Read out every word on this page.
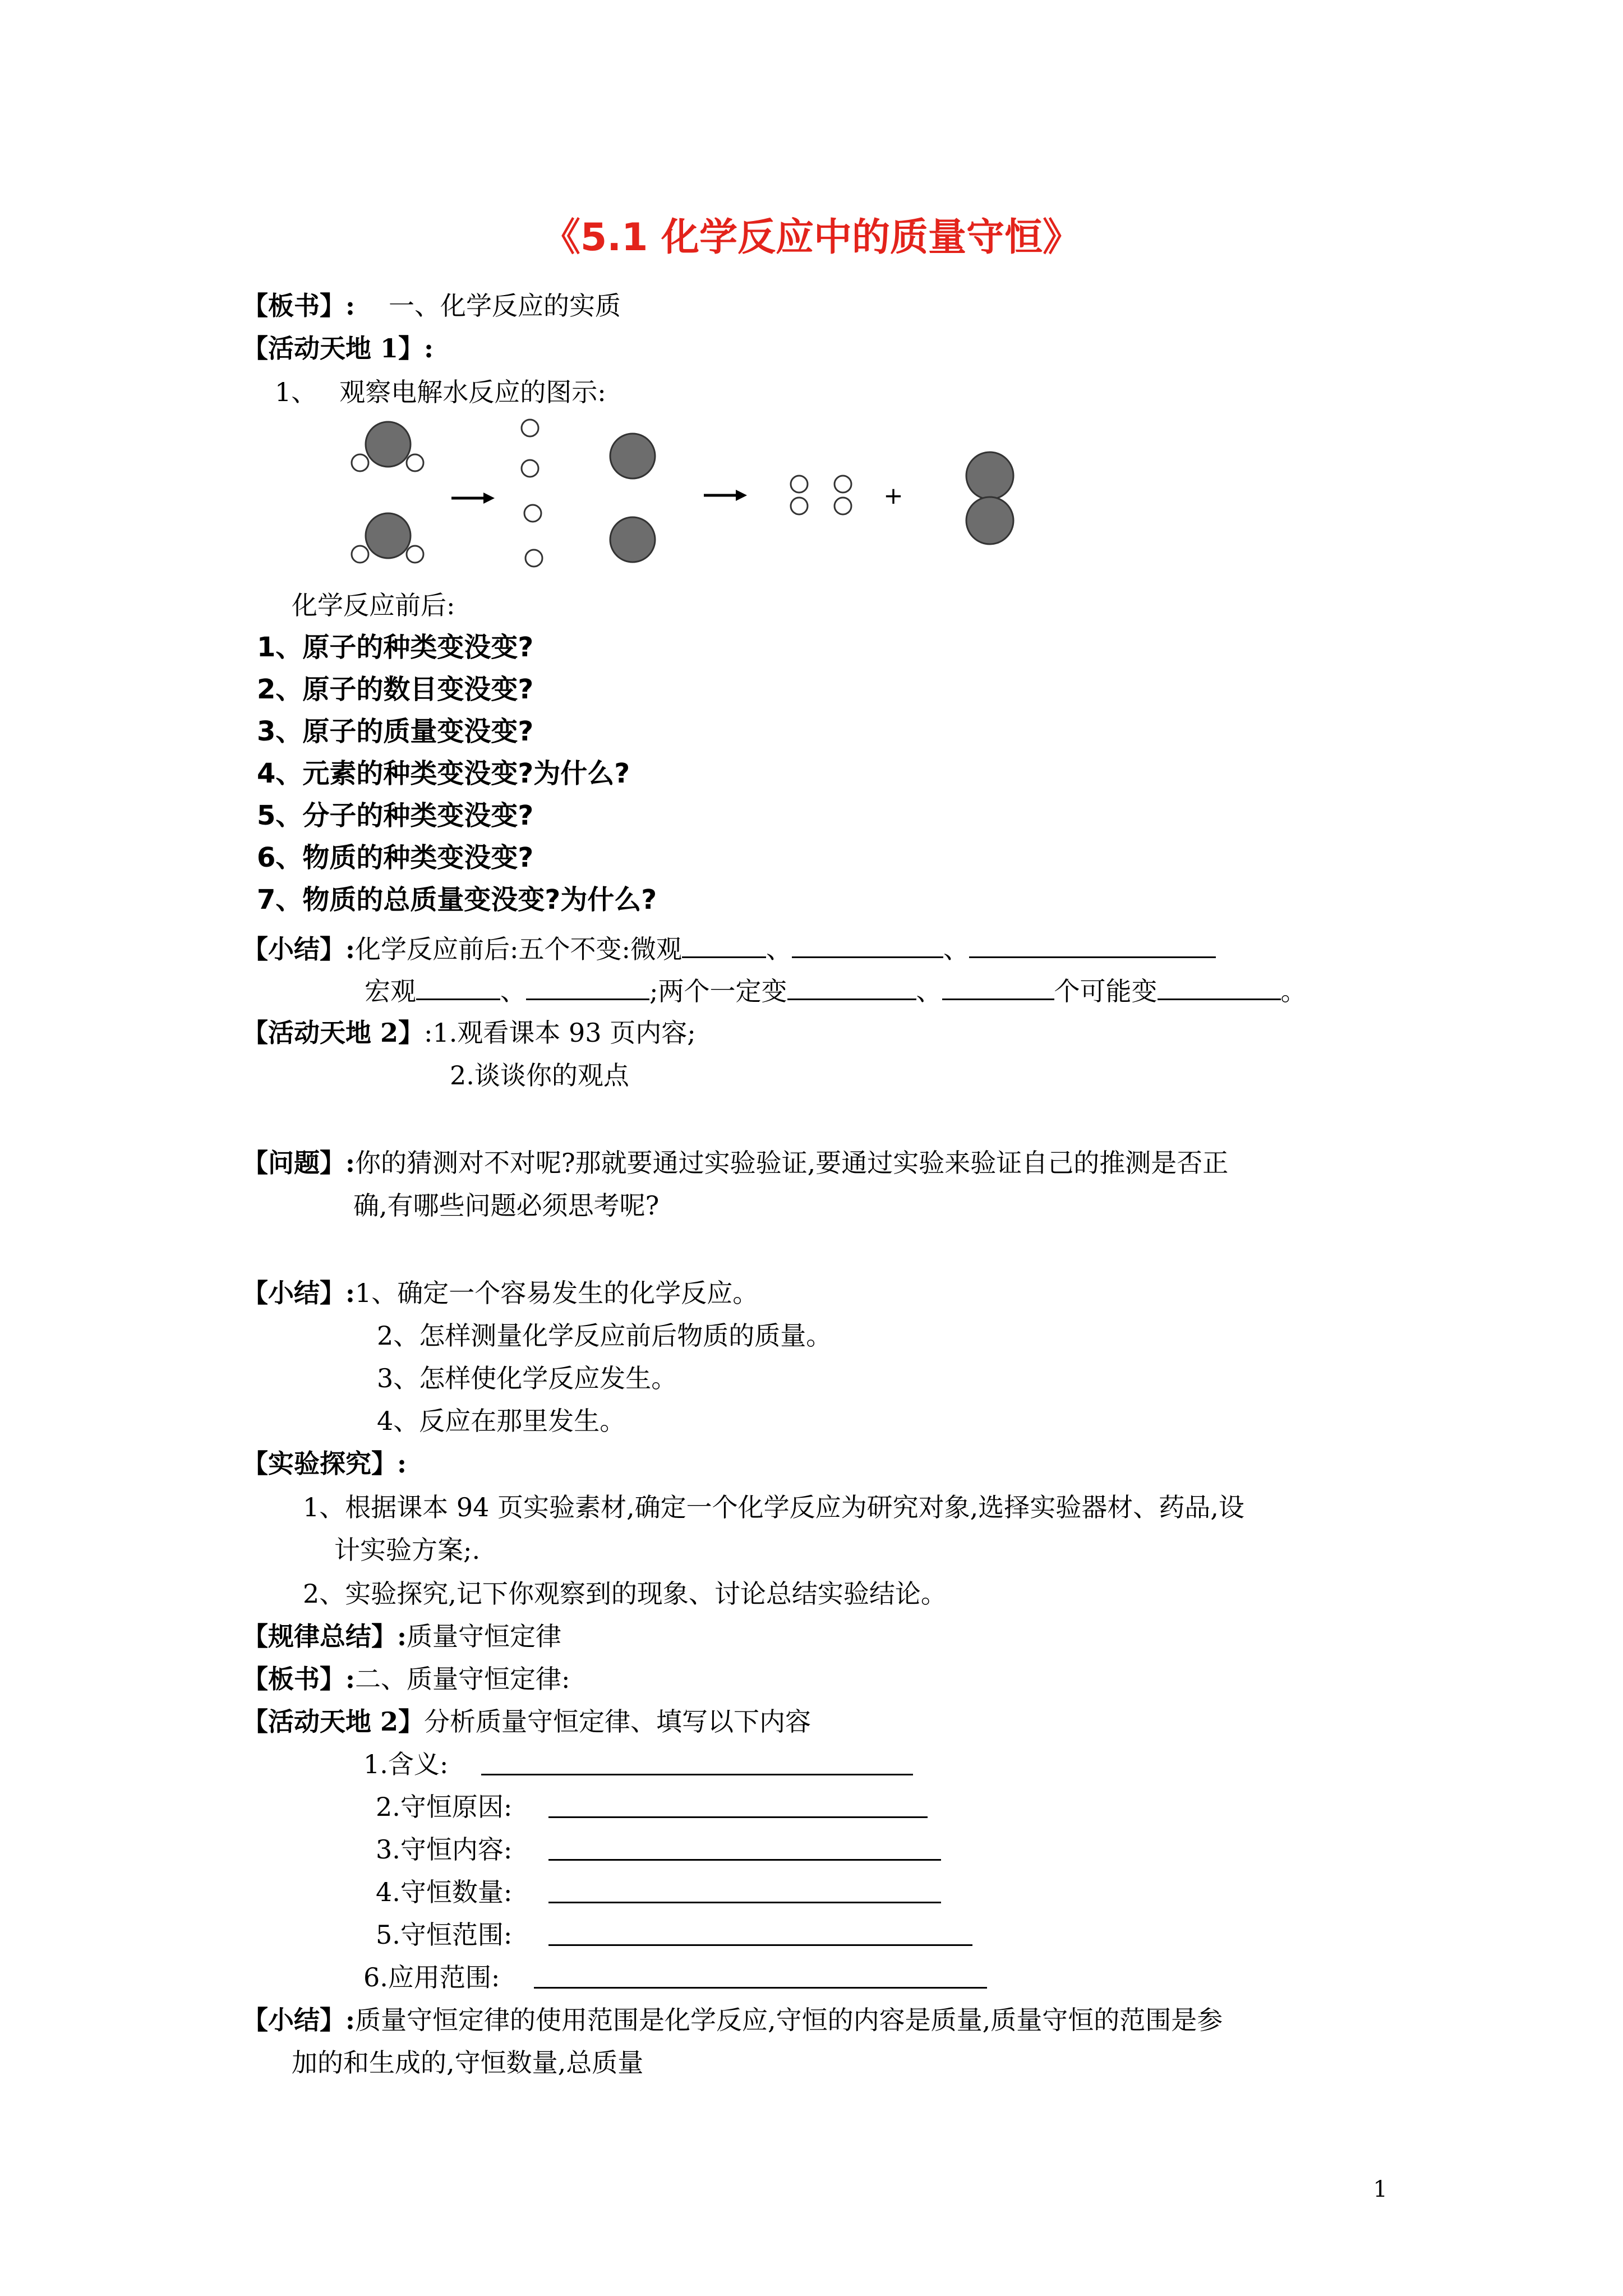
《5.1 化学反应中的质量守恒》
【板书】: 一、化学反应的实质
【活动天地 1】:
1、 观察电解水反应的图示:
+
化学反应前后:
1、原子的种类变没变?
2、原子的数目变没变?
3、原子的质量变没变?
4、元素的种类变没变?为什么?
5、分子的种类变没变?
6、物质的种类变没变?
7、物质的总质量变没变?为什么?
【小结】:化学反应前后:五个不变:微观	、	、
宏观	、	;两个一定变	、	个可能变	。
【活动天地 2】:1.观看课本 93 页内容;
2.谈谈你的观点
【问题】:你的猜测对不对呢?那就要通过实验验证,要通过实验来验证自己的推测是否正
确,有哪些问题必须思考呢?
【小结】:1、确定一个容易发生的化学反应。
2、怎样测量化学反应前后物质的质量。
3、怎样使化学反应发生。
4、反应在那里发生。
【实验探究】:
1、根据课本 94 页实验素材,确定一个化学反应为研究对象,选择实验器材、药品,设
计实验方案;.
2、实验探究,记下你观察到的现象、讨论总结实验结论。
【规律总结】:质量守恒定律
【板书】:二、质量守恒定律:
【活动天地 2】分析质量守恒定律、填写以下内容
1.含义:
2.守恒原因:
3.守恒内容:
4.守恒数量:
5.守恒范围:
6.应用范围:
【小结】:质量守恒定律的使用范围是化学反应,守恒的内容是质量,质量守恒的范围是参
加的和生成的,守恒数量,总质量
1
